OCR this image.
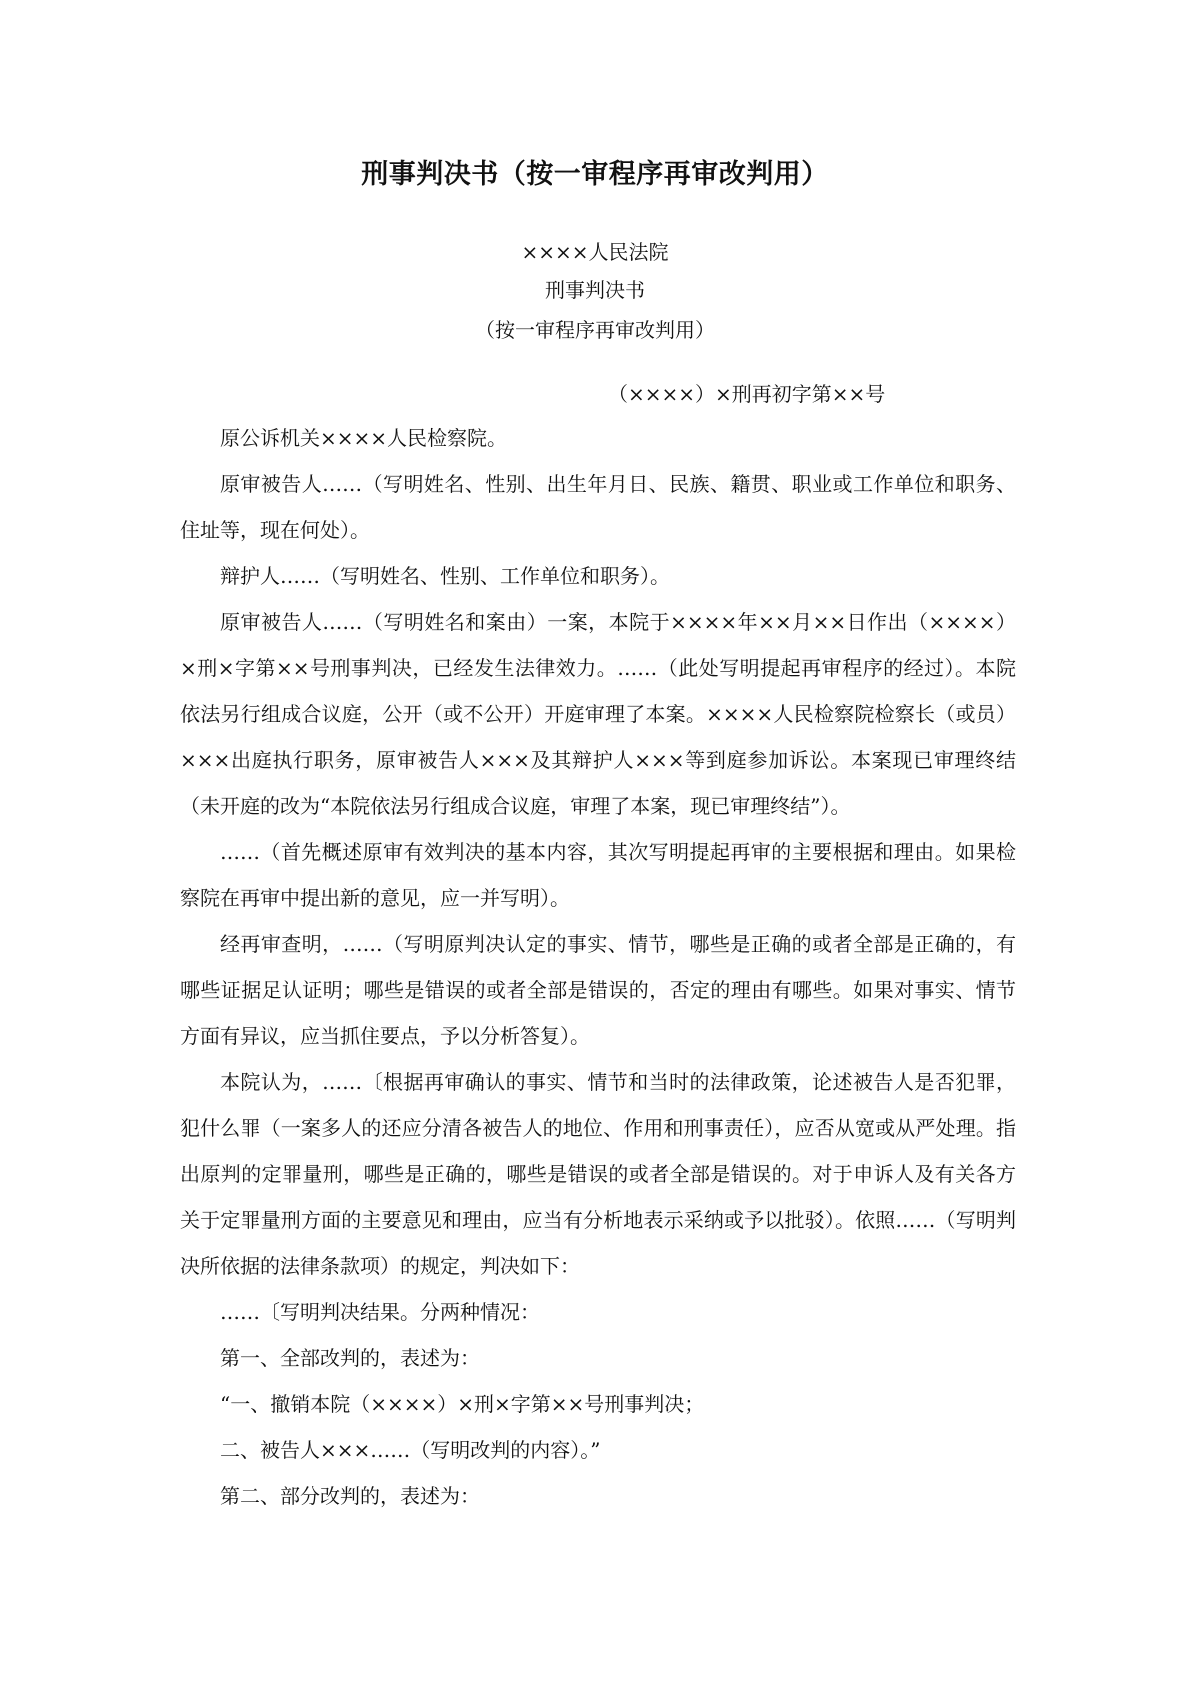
刑事判决书（按一审程序再审改判用）
××××人民法院
刑事判决书
（按一审程序再审改判用）
（××××）×刑再初字第××号

原公诉机关××××人民检察院。

原审被告人……（写明姓名、性别、出生年月日、民族、籍贯、职业或工作单位和职务、住址等，现在何处）。

辩护人……（写明姓名、性别、工作单位和职务）。

原审被告人……（写明姓名和案由）一案，本院于××××年××月××日作出（××××）×刑×字第××号刑事判决，已经发生法律效力。……（此处写明提起再审程序的经过）。本院依法另行组成合议庭，公开（或不公开）开庭审理了本案。××××人民检察院检察长（或员）×××出庭执行职务，原审被告人×××及其辩护人×××等到庭参加诉讼。本案现已审理终结（未开庭的改为“本院依法另行组成合议庭，审理了本案，现已审理终结”）。

……（首先概述原审有效判决的基本内容，其次写明提起再审的主要根据和理由。如果检察院在再审中提出新的意见，应一并写明）。

经再审查明，……（写明原判决认定的事实、情节，哪些是正确的或者全部是正确的，有哪些证据足认证明；哪些是错误的或者全部是错误的，否定的理由有哪些。如果对事实、情节方面有异议，应当抓住要点，予以分析答复）。

本院认为，……〔根据再审确认的事实、情节和当时的法律政策，论述被告人是否犯罪，犯什么罪（一案多人的还应分清各被告人的地位、作用和刑事责任），应否从宽或从严处理。指出原判的定罪量刑，哪些是正确的，哪些是错误的或者全部是错误的。对于申诉人及有关各方关于定罪量刑方面的主要意见和理由，应当有分析地表示采纳或予以批驳）。依照……（写明判决所依据的法律条款项）的规定，判决如下：

……〔写明判决结果。分两种情况：

第一、全部改判的，表述为：

“一、撤销本院（××××）×刑×字第××号刑事判决；

二、被告人×××……（写明改判的内容）。”

第二、部分改判的，表述为：
